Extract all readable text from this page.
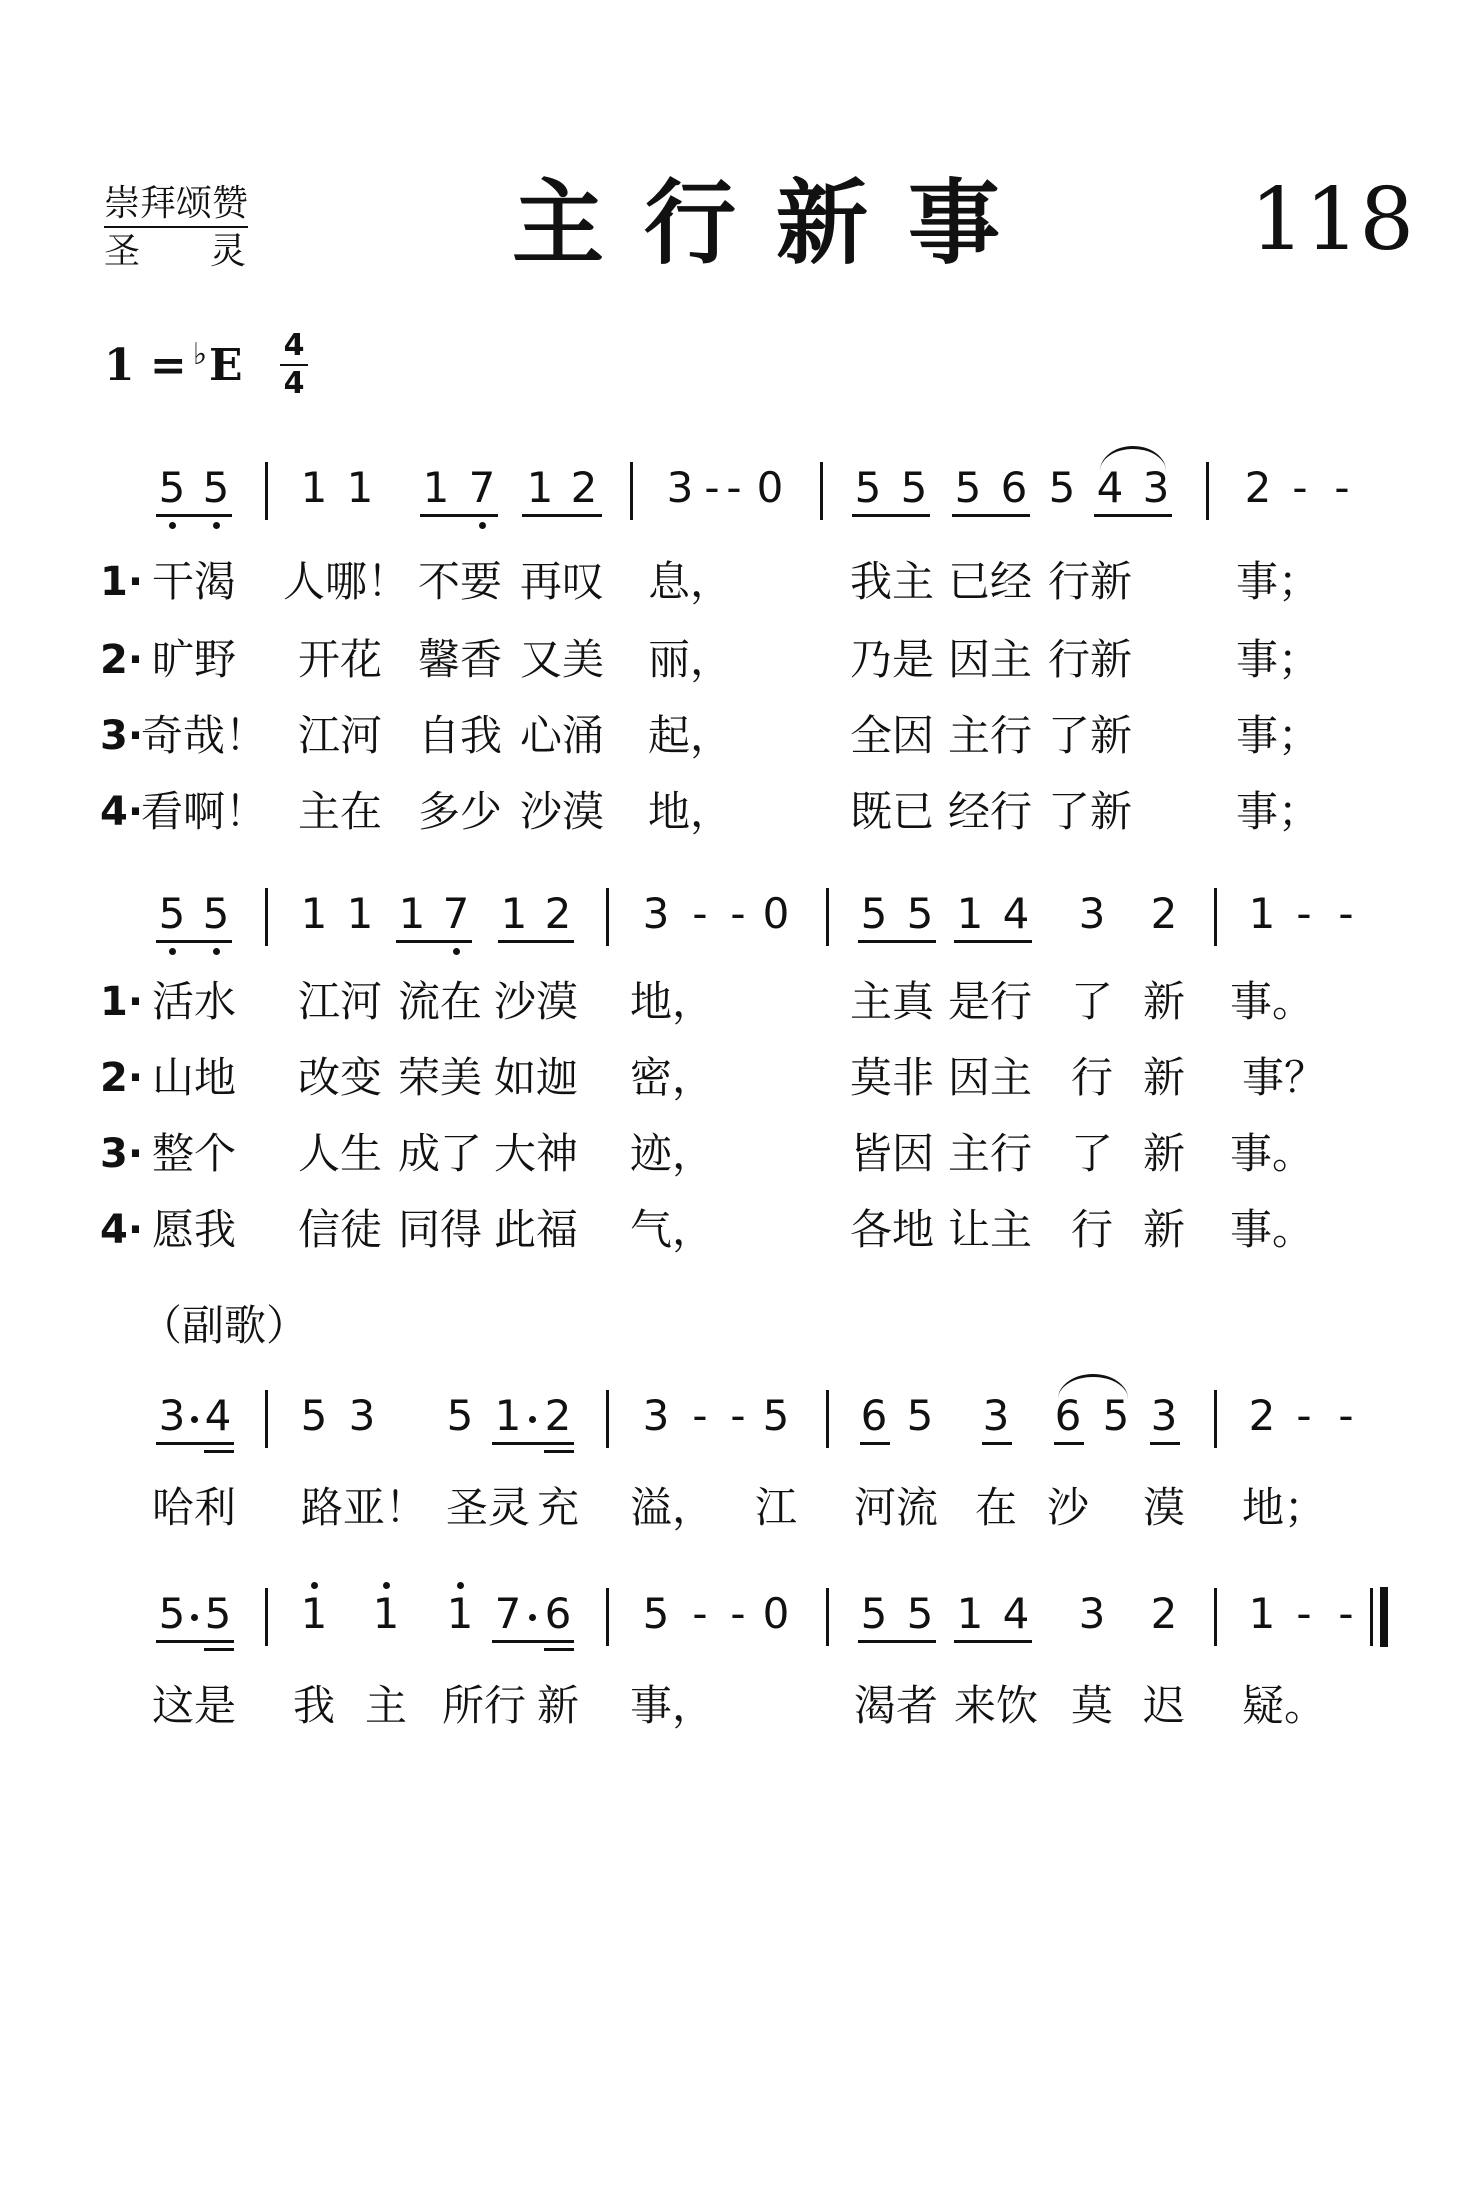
崇拜颂赞
圣 灵	主行新事 118
1 = ♭E 4
4
5 5 1 1 1 7 1 2 3 - - 0 5 5 5 6 5 4 3 2 - -
1· 干渴 人哪！ 不要 再叹 息，	我主 已经 行新 事；
2· 旷野 开花 馨香 又美 丽，	乃是 因主 行新 事；
3·
奇哉！ 江河 自我 心涌 起，	全因 主行 了新 事；
4·
看啊！ 主在 多少 沙漠 地，	既已 经行 了新 事；
5 5 1 1 1 7 1 2 3 - - 0 5 5 1 4 3 2 1 - -
1· 活水 江河 流在 沙漠 地，	主真 是行 了 新 事。
2· 山地 改变 荣美 如迦 密，	莫非 因主 行 新 事？
3· 整个 人生 成了 大神 迹，	皆因 主行 了 新 事。
4· 愿我 信徒 同得 此福 气，	各地 让主 行 新 事。
（副歌）
3 4 5 3 5 1 2 3 - - 5 6 5 3 6 5 3 2 - -
哈利 路亚！ 圣灵 充 溢， 江 河流 在 沙 漠 地；
5 5 1 1 1 7 6 5 - - 0 5 5 1 4 3 2 1 - -
这是 我 主 所行 新 事，	渴者 来饮 莫 迟 疑。
